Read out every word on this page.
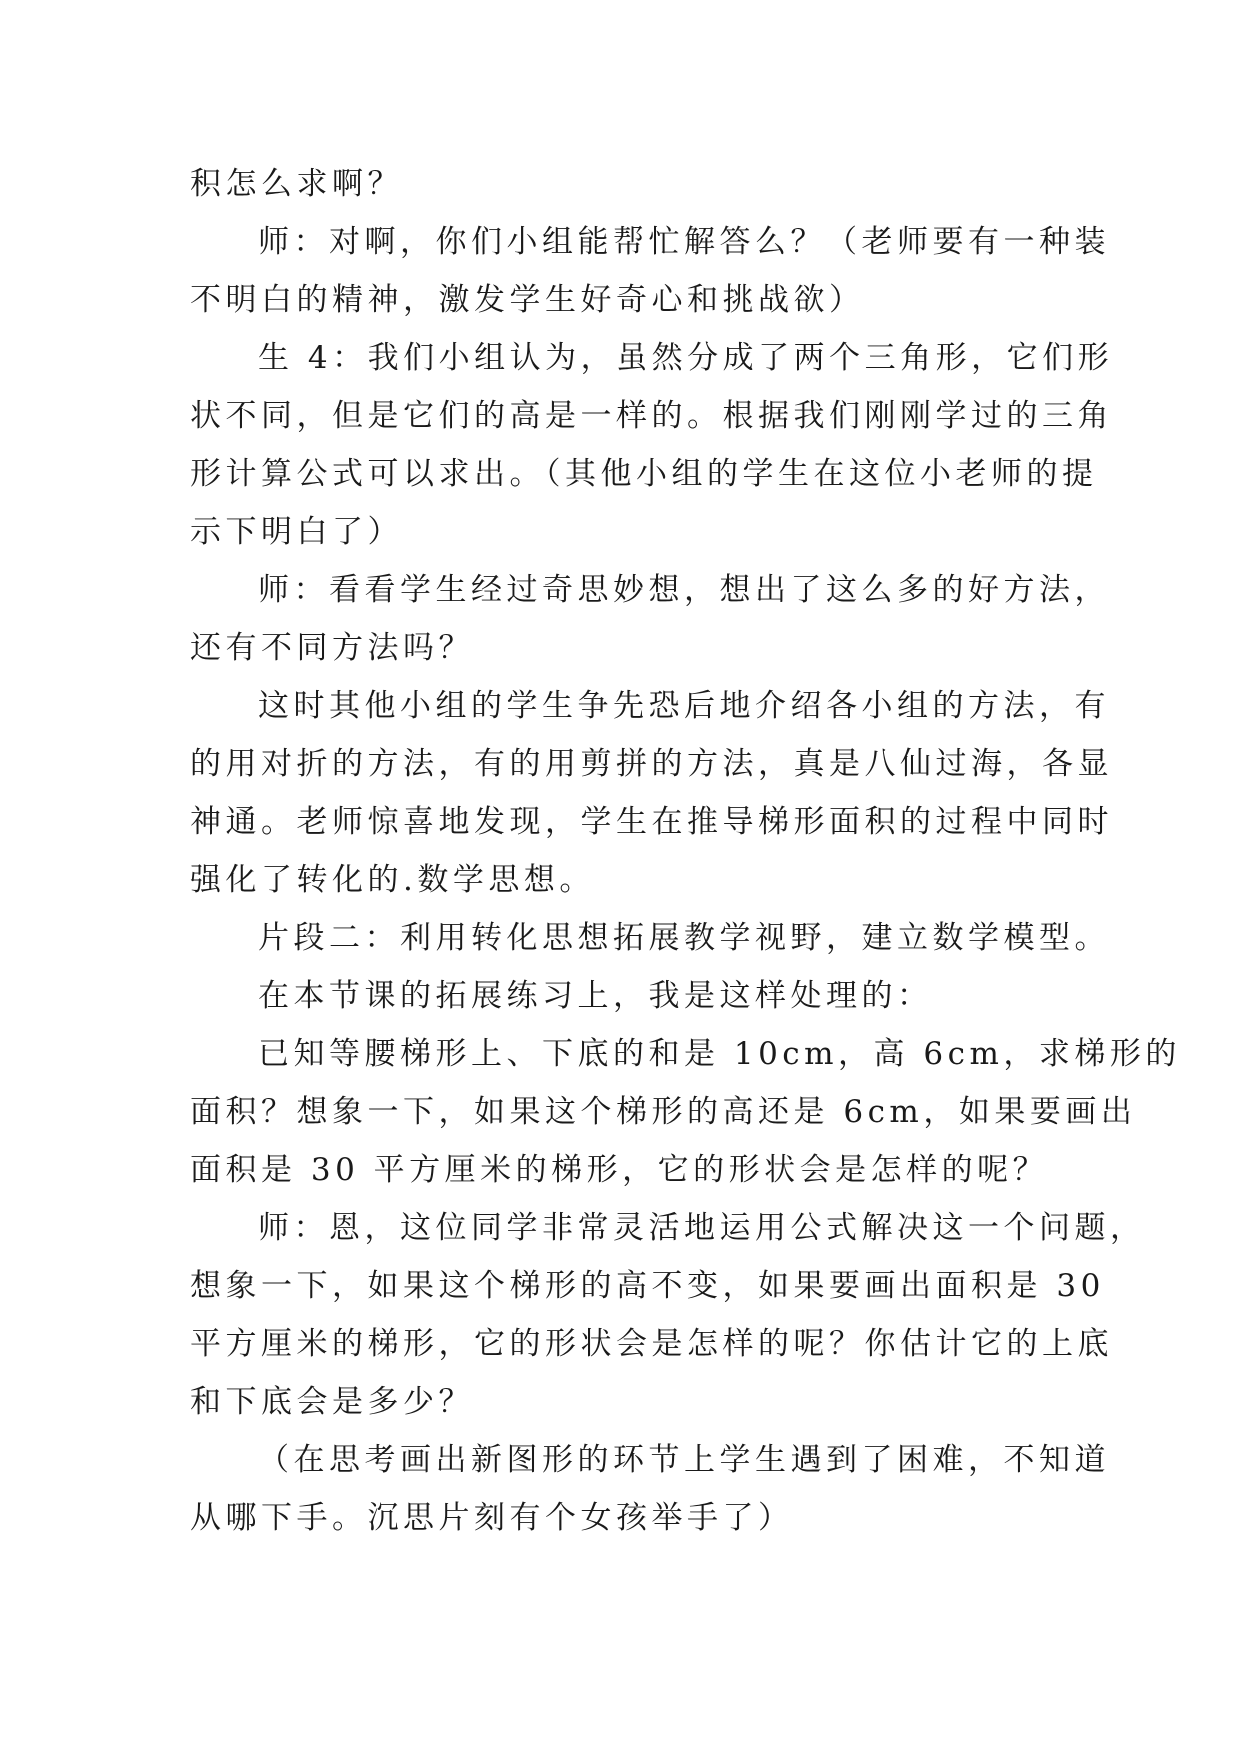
积怎么求啊？
师：对啊，你们小组能帮忙解答么？（老师要有一种装
不明白的精神，激发学生好奇心和挑战欲）
生 4：我们小组认为，虽然分成了两个三角形，它们形
状不同，但是它们的高是一样的。根据我们刚刚学过的三角
形计算公式可以求出。（其他小组的学生在这位小老师的提
示下明白了）
师：看看学生经过奇思妙想，想出了这么多的好方法，
还有不同方法吗？
这时其他小组的学生争先恐后地介绍各小组的方法，有
的用对折的方法，有的用剪拼的方法，真是八仙过海，各显
神通。老师惊喜地发现，学生在推导梯形面积的过程中同时
强化了转化的.数学思想。
片段二：利用转化思想拓展教学视野，建立数学模型。
在本节课的拓展练习上，我是这样处理的：
已知等腰梯形上、下底的和是 10cm，高 6cm，求梯形的
面积？想象一下，如果这个梯形的高还是 6cm，如果要画出
面积是 30 平方厘米的梯形，它的形状会是怎样的呢？
师：恩，这位同学非常灵活地运用公式解决这一个问题，
想象一下，如果这个梯形的高不变，如果要画出面积是 30
平方厘米的梯形，它的形状会是怎样的呢？你估计它的上底
和下底会是多少？
（在思考画出新图形的环节上学生遇到了困难，不知道
从哪下手。沉思片刻有个女孩举手了）
